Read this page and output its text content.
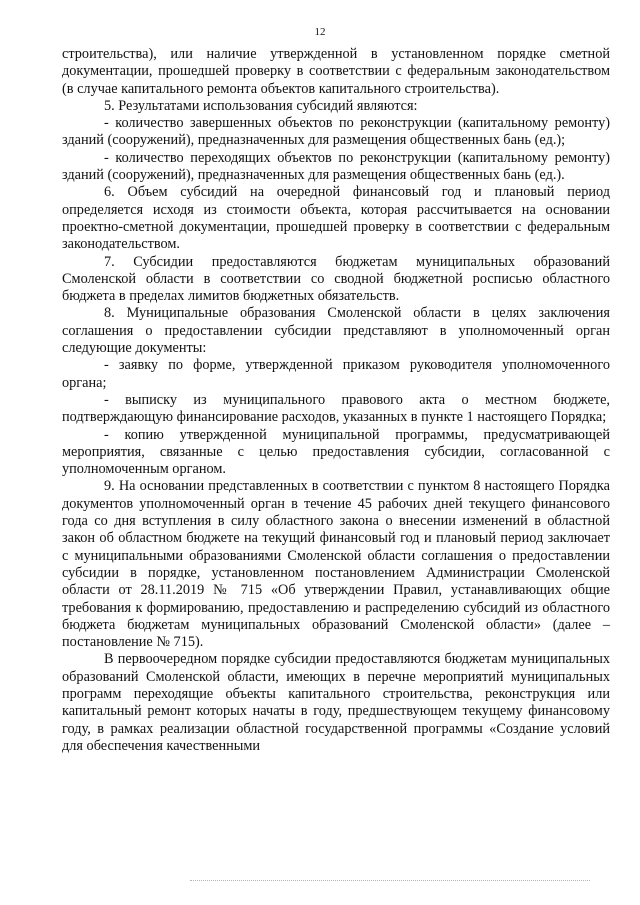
12

строительства), или наличие утвержденной в установленном порядке сметной документации, прошедшей проверку в соответствии с федеральным законодательством (в случае капитального ремонта объектов капитального строительства).

5. Результатами использования субсидий являются:

- количество завершенных объектов по реконструкции (капитальному ремонту) зданий (сооружений), предназначенных для размещения общественных бань (ед.);

- количество переходящих объектов по реконструкции (капитальному ремонту) зданий (сооружений), предназначенных для размещения общественных бань (ед.).

6. Объем субсидий на очередной финансовый год и плановый период определяется исходя из стоимости объекта, которая рассчитывается на основании проектно-сметной документации, прошедшей проверку в соответствии с федеральным законодательством.

7. Субсидии предоставляются бюджетам муниципальных образований Смоленской области в соответствии со сводной бюджетной росписью областного бюджета в пределах лимитов бюджетных обязательств.

8. Муниципальные образования Смоленской области в целях заключения соглашения о предоставлении субсидии представляют в уполномоченный орган следующие документы:

- заявку по форме, утвержденной приказом руководителя уполномоченного органа;

- выписку из муниципального правового акта о местном бюджете, подтверждающую финансирование расходов, указанных в пункте 1 настоящего Порядка;

- копию утвержденной муниципальной программы, предусматривающей мероприятия, связанные с целью предоставления субсидии, согласованной с уполномоченным органом.

9. На основании представленных в соответствии с пунктом 8 настоящего Порядка документов уполномоченный орган в течение 45 рабочих дней текущего финансового года со дня вступления в силу областного закона о внесении изменений в областной закон об областном бюджете на текущий финансовый год и плановый период заключает с муниципальными образованиями Смоленской области соглашения о предоставлении субсидии в порядке, установленном постановлением Администрации Смоленской области от 28.11.2019 № 715 «Об утверждении Правил, устанавливающих общие требования к формированию, предоставлению и распределению субсидий из областного бюджета бюджетам муниципальных образований Смоленской области» (далее – постановление № 715).

В первоочередном порядке субсидии предоставляются бюджетам муниципальных образований Смоленской области, имеющих в перечне мероприятий муниципальных программ переходящие объекты капитального строительства, реконструкция или капитальный ремонт которых начаты в году, предшествующем текущему финансовому году, в рамках реализации областной государственной программы «Создание условий для обеспечения качественными
